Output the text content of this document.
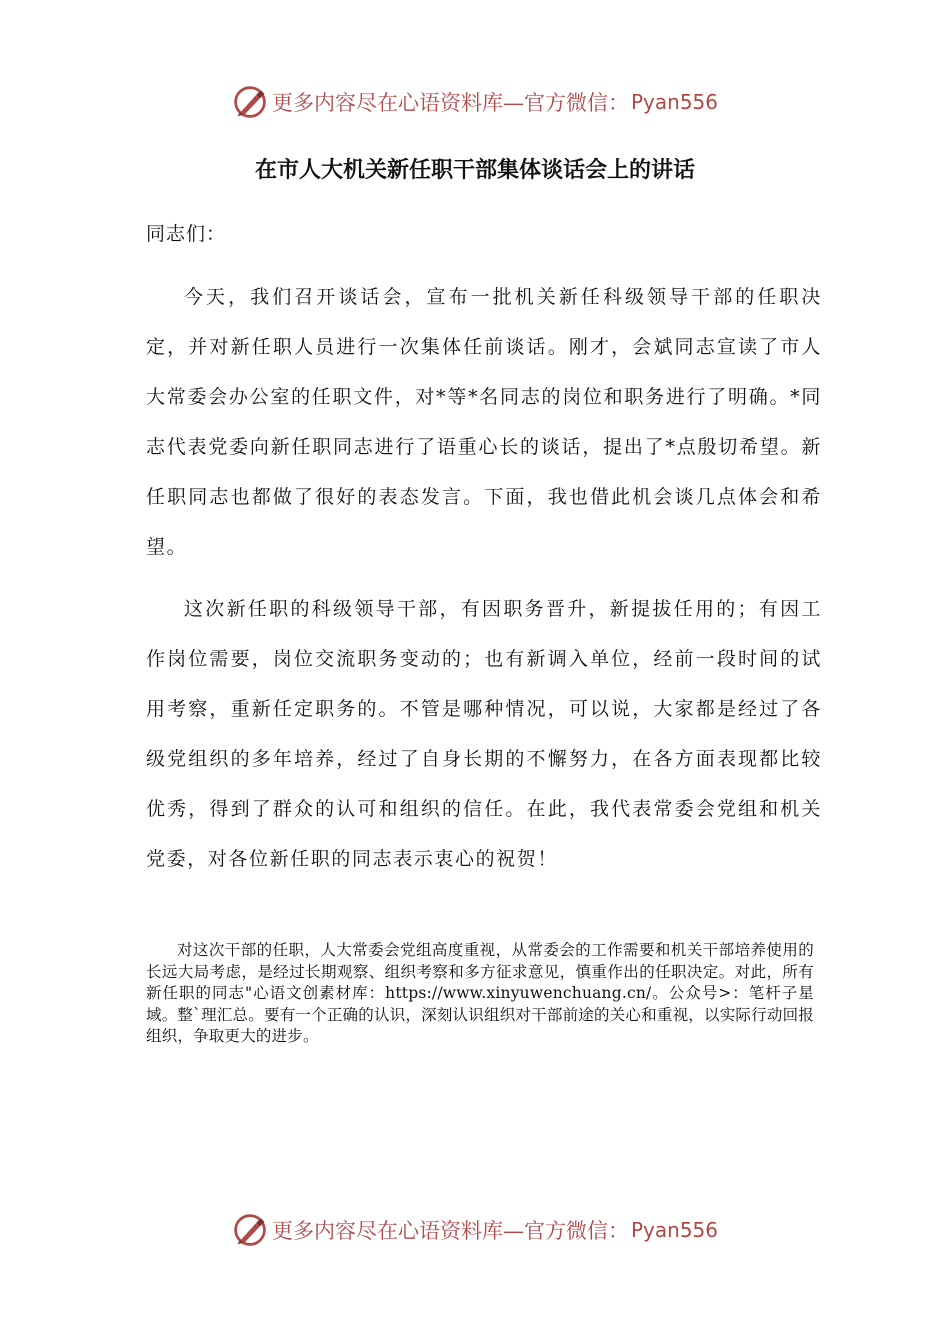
更多内容尽在心语资料库—官方微信： Pyan556
在市人大机关新任职干部集体谈话会上的讲话

同志们：

今天，我们召开谈话会，宣布一批机关新任科级领导干部的任职决定，并对新任职人员进行一次集体任前谈话。刚才，会斌同志宣读了市人大常委会办公室的任职文件，对*等*名同志的岗位和职务进行了明确。*同志代表党委向新任职同志进行了语重心长的谈话，提出了*点殷切希望。新任职同志也都做了很好的表态发言。下面，我也借此机会谈几点体会和希望。

这次新任职的科级领导干部，有因职务晋升，新提拔任用的；有因工作岗位需要，岗位交流职务变动的；也有新调入单位，经前一段时间的试用考察，重新任定职务的。不管是哪种情况，可以说，大家都是经过了各级党组织的多年培养，经过了自身长期的不懈努力，在各方面表现都比较优秀，得到了群众的认可和组织的信任。在此，我代表常委会党组和机关党委，对各位新任职的同志表示衷心的祝贺！

对这次干部的任职，人大常委会党组高度重视，从常委会的工作需要和机关干部培养使用的长远大局考虑，是经过长期观察、组织考察和多方征求意见，慎重作出的任职决定。对此，所有新任职的同志"心语文创素材库：https://www.xinyuwenchuang.cn/。公众号>：笔杆子星域。整`理汇总。要有一个正确的认识，深刻认识组织对干部前途的关心和重视，以实际行动回报组织，争取更大的进步。

更多内容尽在心语资料库—官方微信： Pyan556
